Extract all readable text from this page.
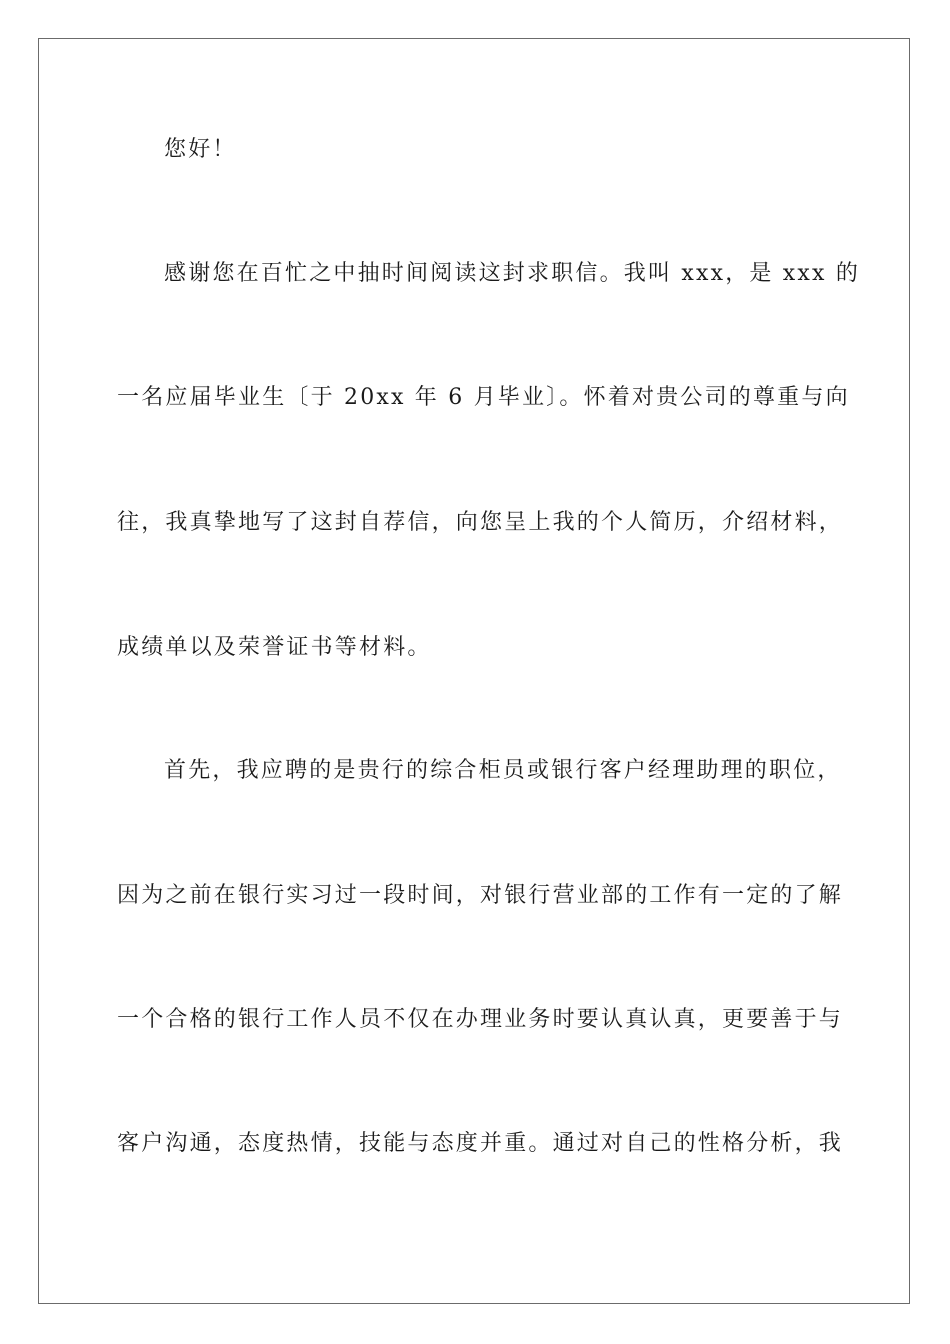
您好！
感谢您在百忙之中抽时间阅读这封求职信。我叫 xxx，是 xxx 的
一名应届毕业生〔于 20xx 年 6 月毕业〕。怀着对贵公司的尊重与向
往，我真挚地写了这封自荐信，向您呈上我的个人简历，介绍材料，
成绩单以及荣誉证书等材料。
首先，我应聘的是贵行的综合柜员或银行客户经理助理的职位，
因为之前在银行实习过一段时间，对银行营业部的工作有一定的了解
一个合格的银行工作人员不仅在办理业务时要认真认真，更要善于与
客户沟通，态度热情，技能与态度并重。通过对自己的性格分析，我
